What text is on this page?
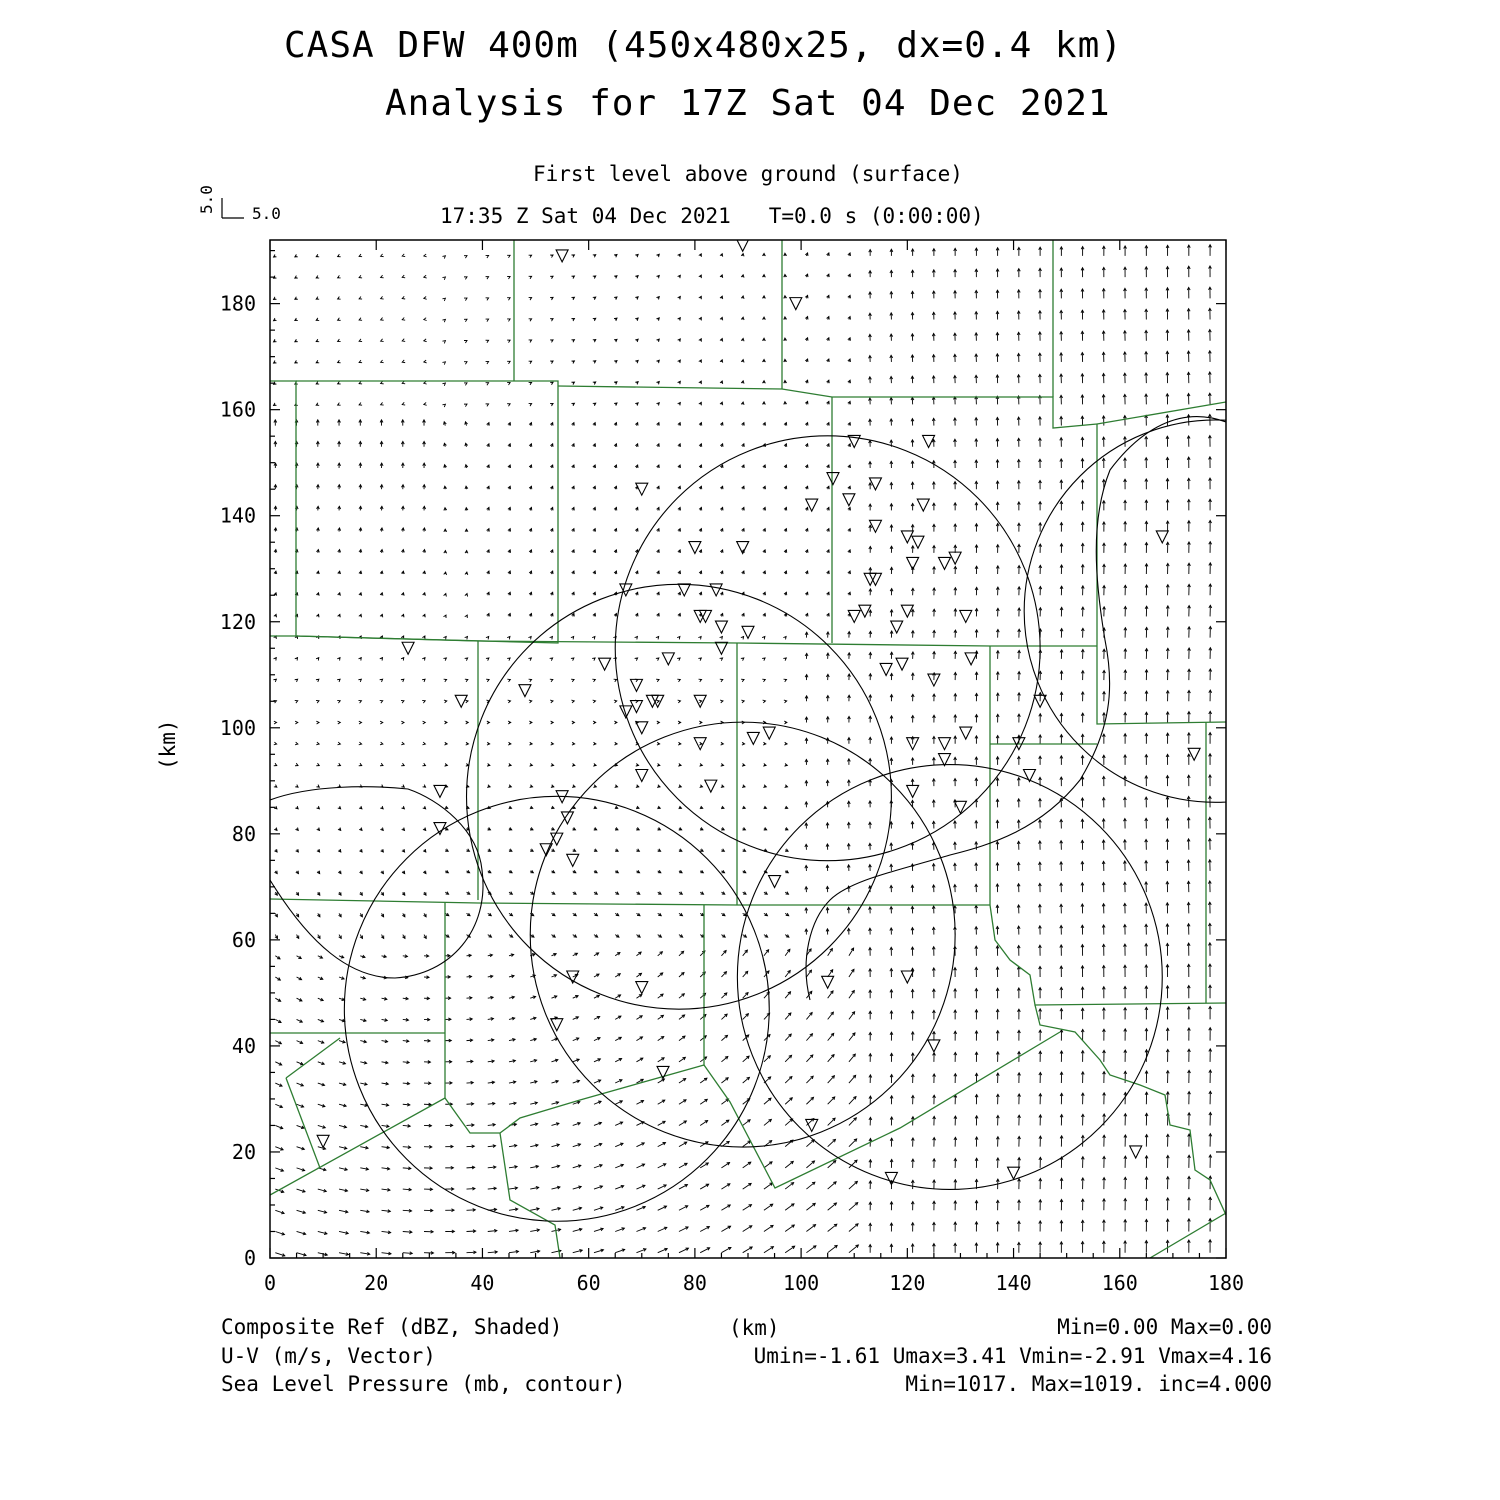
CASA DFW 400m (450x480x25, dx=0.4 km)
Analysis for 17Z Sat 04 Dec 2021
First level above ground (surface)
17:35 Z Sat 04 Dec 2021   T=0.0 s (0:00:00)
5.0
5.0
(km)
(km)
Composite Ref (dBZ, Shaded)	Min=0.00 Max=0.00
U-V (m/s, Vector)	Umin=-1.61 Umax=3.41 Vmin=-2.91 Vmax=4.16
Sea Level Pressure (mb, contour)	Min=1017. Max=1019. inc=4.000
0	20	40	60	80	100	120	140	160	180
0
20
40
60
80
100
120
140
160
180
